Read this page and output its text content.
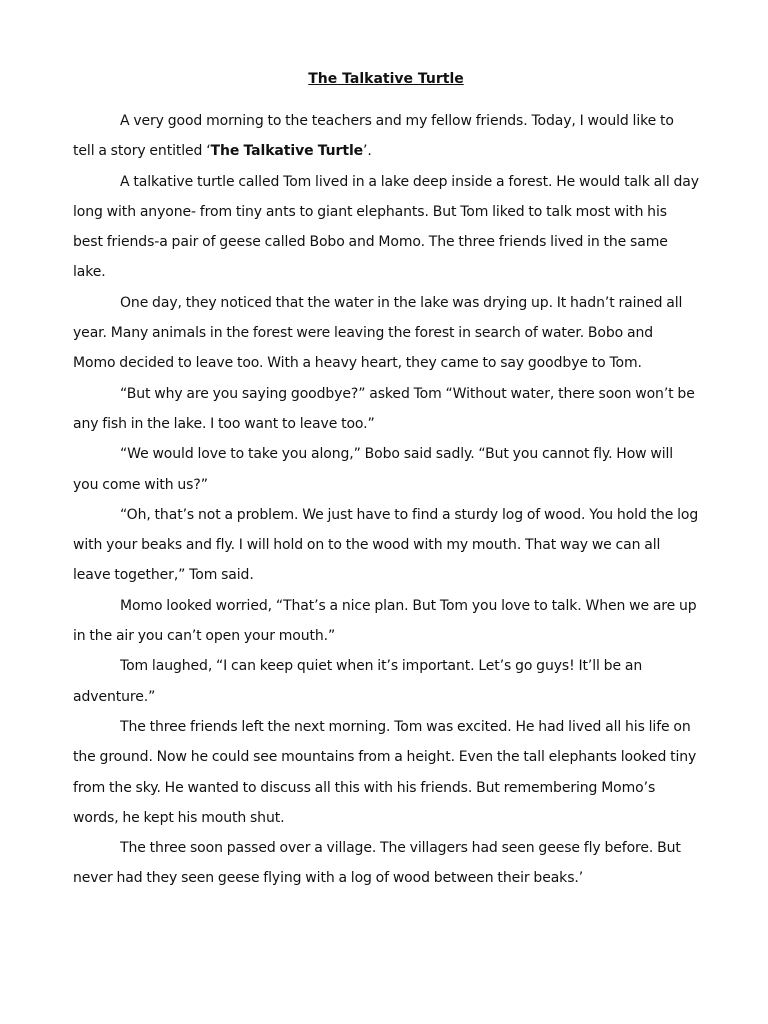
The Talkative Turtle

A very good morning to the teachers and my fellow friends. Today, I would like to tell a story entitled ‘The Talkative Turtle’.

A talkative turtle called Tom lived in a lake deep inside a forest. He would talk all day long with anyone- from tiny ants to giant elephants. But Tom liked to talk most with his best friends-a pair of geese called Bobo and Momo. The three friends lived in the same lake.

One day, they noticed that the water in the lake was drying up. It hadn’t rained all year. Many animals in the forest were leaving the forest in search of water. Bobo and Momo decided to leave too. With a heavy heart, they came to say goodbye to Tom.

“But why are you saying goodbye?” asked Tom “Without water, there soon won’t be any fish in the lake. I too want to leave too.”

“We would love to take you along,” Bobo said sadly. “But you cannot fly. How will you come with us?”

“Oh, that’s not a problem. We just have to find a sturdy log of wood. You hold the log with your beaks and fly. I will hold on to the wood with my mouth. That way we can all leave together,” Tom said.

Momo looked worried, “That’s a nice plan. But Tom you love to talk. When we are up in the air you can’t open your mouth.”

Tom laughed, “I can keep quiet when it’s important. Let’s go guys! It’ll be an adventure.”

The three friends left the next morning. Tom was excited. He had lived all his life on the ground. Now he could see mountains from a height. Even the tall elephants looked tiny from the sky. He wanted to discuss all this with his friends. But remembering Momo’s words, he kept his mouth shut.

The three soon passed over a village. The villagers had seen geese fly before. But never had they seen geese flying with a log of wood between their beaks.’
